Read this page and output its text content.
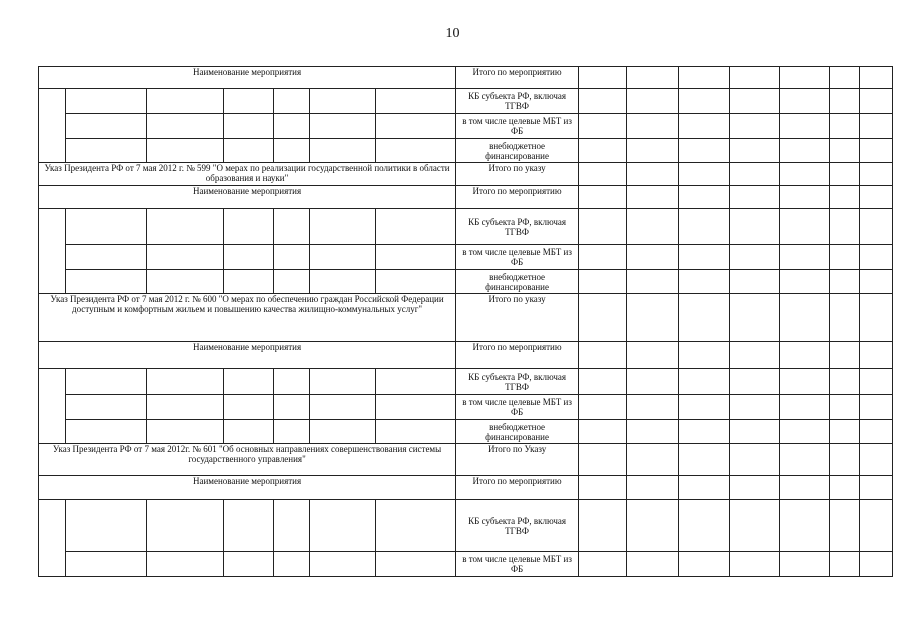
10
Наименование мероприятия							Итого по мероприятию							
							КБ субъекта РФ, включая ТГВФ							
							в том числе целевые МБТ из ФБ							
							внебюджетное финансирование							
Указ Президента РФ от 7 мая 2012 г. № 599 "О мерах по реализации государственной политики в области образования и науки"							Итого по указу							
Наименование мероприятия							Итого по мероприятию							
							КБ субъекта РФ, включая ТГВФ							
							в том числе целевые МБТ из ФБ							
							внебюджетное финансирование							
Указ Президента РФ от 7 мая 2012 г. № 600 "О мерах по обеспечению граждан Российской Федерации доступным и комфортным жильем и повышению качества жилищно-коммунальных услуг"							Итого по указу							
Наименование мероприятия							Итого по мероприятию							
							КБ субъекта РФ, включая ТГВФ							
							в том числе целевые МБТ из ФБ							
							внебюджетное финансирование							
Указ Президента РФ от 7 мая 2012г. № 601 "Об основных направлениях совершенствования системы государственного управления"							Итого по Указу							
Наименование мероприятия							Итого по мероприятию							
							КБ субъекта РФ, включая ТГВФ							
							в том числе целевые МБТ из ФБ							
